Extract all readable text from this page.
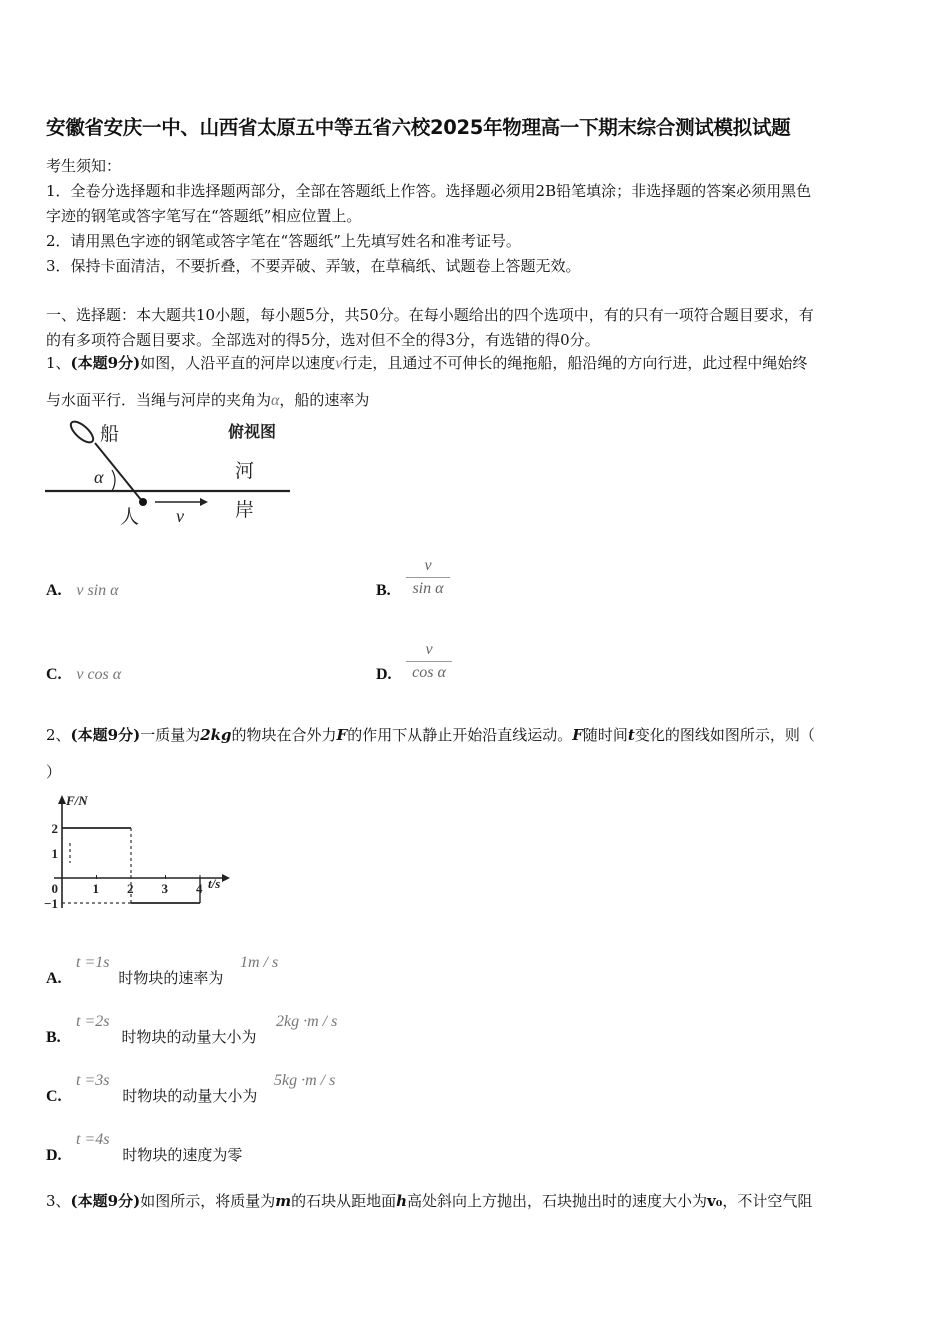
安徽省安庆一中、山西省太原五中等五省六校2025年物理高一下期末综合测试模拟试题
考生须知：
1．全卷分选择题和非选择题两部分，全部在答题纸上作答。选择题必须用2B铅笔填涂；非选择题的答案必须用黑色
字迹的钢笔或答字笔写在“答题纸”相应位置上。
2．请用黑色字迹的钢笔或答字笔在“答题纸”上先填写姓名和准考证号。
3．保持卡面清洁，不要折叠，不要弄破、弄皱，在草稿纸、试题卷上答题无效。
一、选择题：本大题共10小题，每小题5分，共50分。在每小题给出的四个选项中，有的只有一项符合题目要求，有
的有多项符合题目要求。全部选对的得5分，选对但不全的得3分，有选错的得0分。
1、(本题9分)如图，人沿平直的河岸以速度v行走，且通过不可伸长的绳拖船，船沿绳的方向行进，此过程中绳始终
与水面平行．当绳与河岸的夹角为α，船的速率为
船	俯视图
河
岸
人
α
v
A. v sin α	B.
v
sin α
C. v cos α	D.
v
cos α
2、(本题9分)一质量为2kg的物块在合外力F的作用下从静止开始沿直线运动。F随时间t变化的图线如图所示，则（
）
F/N
t/s
0	1 2 3 4
2
1
−1
A.	时物块的速率为
t =1s	1m / s
B.	时物块的动量大小为
t =2s	2kg ·m / s
C.	时物块的动量大小为
t =3s	5kg ·m / s
D.	时物块的速度为零
t =4s
3、(本题9分)如图所示，将质量为m的石块从距地面h高处斜向上方抛出，石块抛出时的速度大小为v₀，不计空气阻
